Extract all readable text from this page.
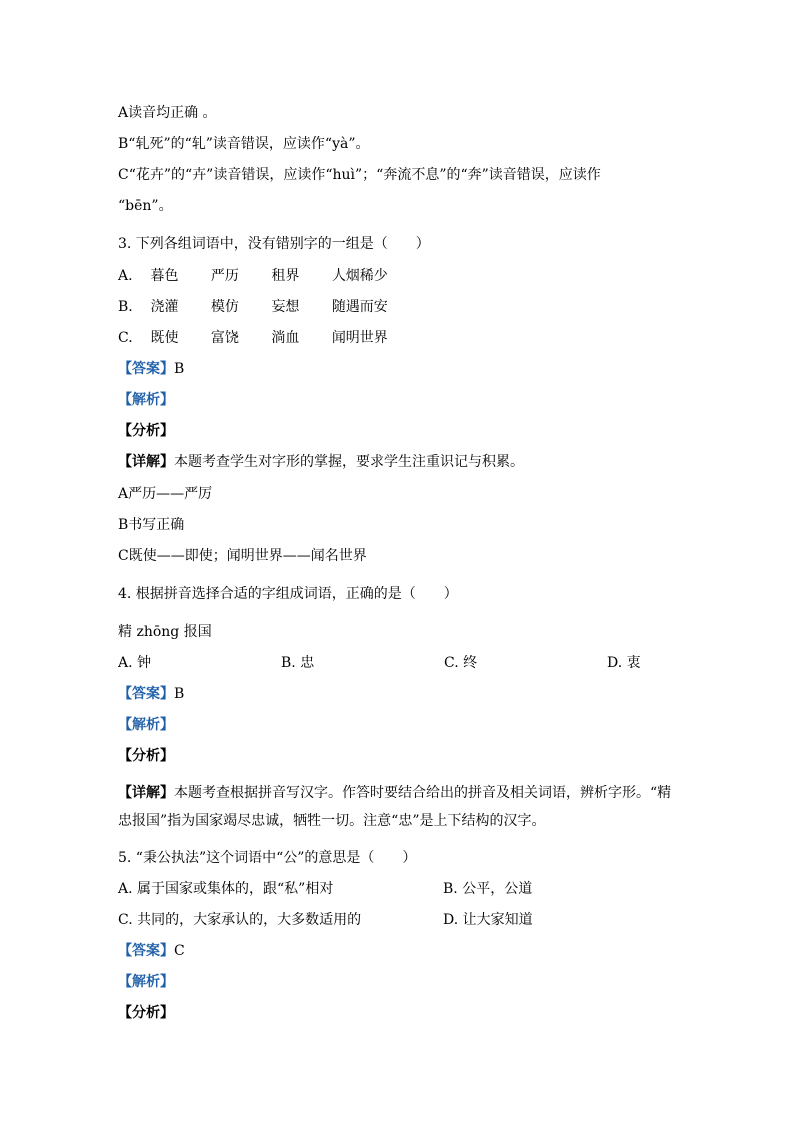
A读音均正确 。
B“轧死”的“轧”读音错误，应读作“yà”。
C“花卉”的“卉”读音错误，应读作“huì”；“奔流不息”的“奔”读音错误，应读作
“bēn”。
3. 下列各组词语中，没有错别字的一组是（　　）
A. 暮色 严历 租界 人烟稀少
B. 浇灌 模仿 妄想 随遇而安
C. 既使 富饶 淌血 闻明世界
【答案】B
【解析】
【分析】
【详解】本题考查学生对字形的掌握，要求学生注重识记与积累。
A严历——严厉
B书写正确
C既使——即使；闻明世界——闻名世界
4. 根据拼音选择合适的字组成词语，正确的是（　　）
精 zhōng 报国
A. 钟	B. 忠	C. 终	D. 衷
【答案】B
【解析】
【分析】
【详解】本题考查根据拼音写汉字。作答时要结合给出的拼音及相关词语，辨析字形。“精
忠报国”指为国家竭尽忠诚，牺牲一切。注意“忠”是上下结构的汉字。
5. “秉公执法”这个词语中“公”的意思是（　　）
A. 属于国家或集体的，跟“私”相对	B. 公平，公道
C. 共同的，大家承认的，大多数适用的	D. 让大家知道
【答案】C
【解析】
【分析】
